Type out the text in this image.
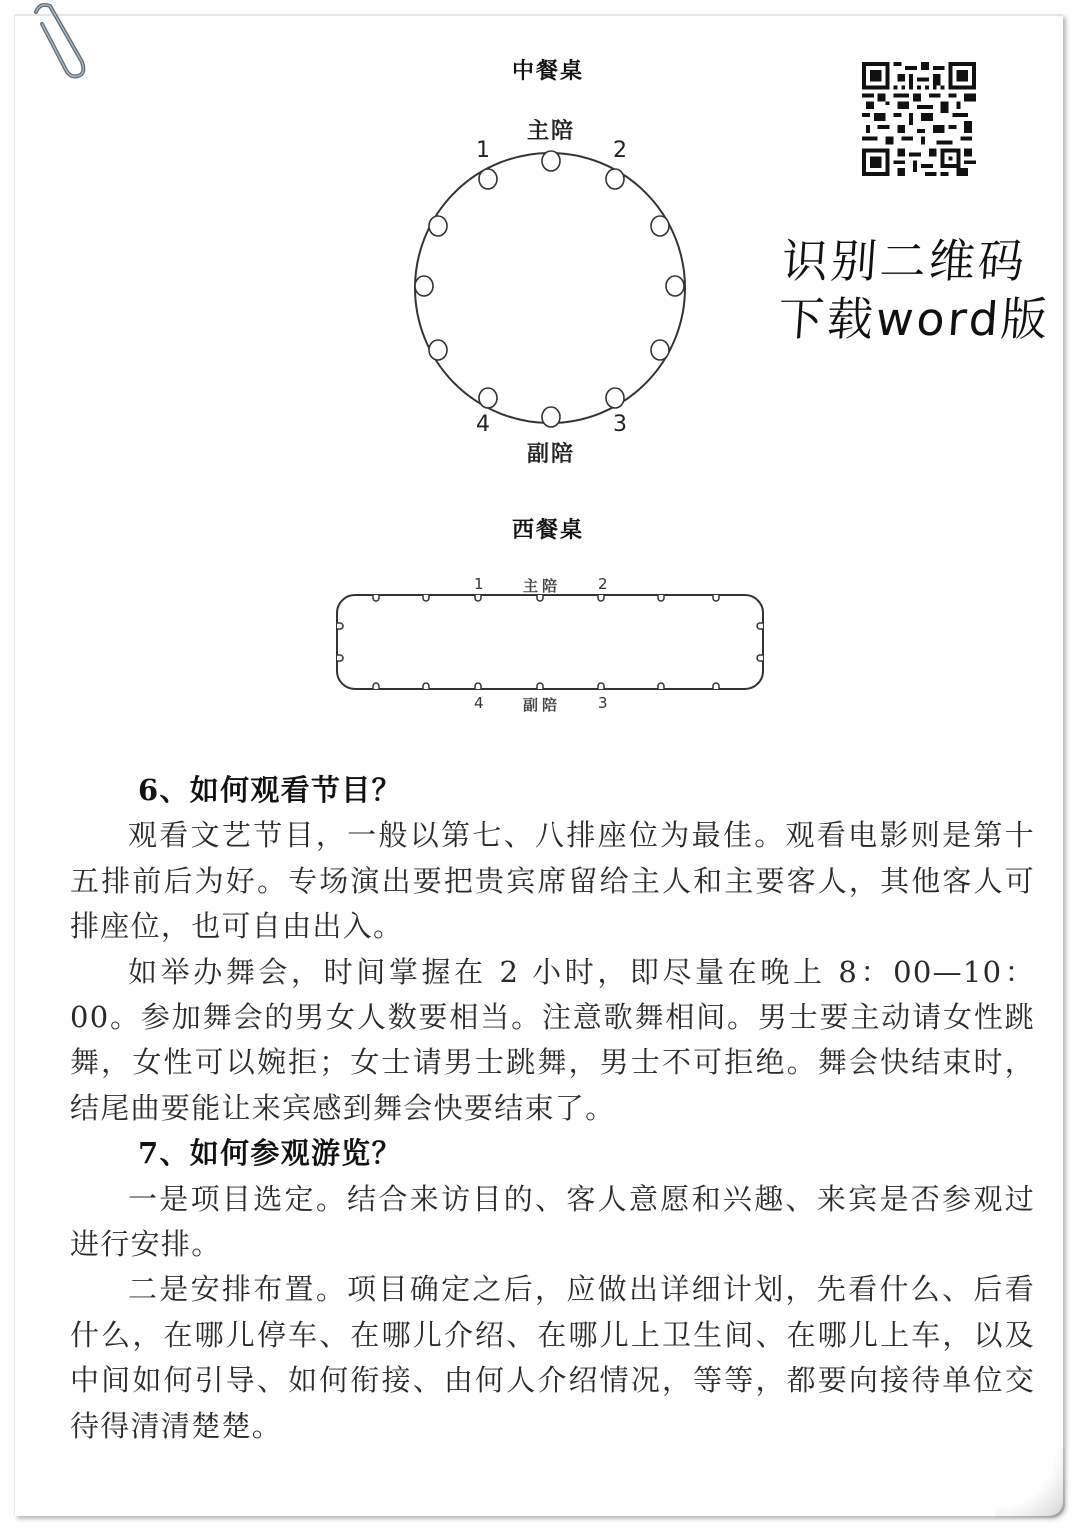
中餐桌
主陪
1	2
3
4
副陪
识别二维码
下载word版
西餐桌
1	主陪 2
4	副陪 3
6、如何观看节目？

观看文艺节目，一般以第七、八排座位为最佳。观看电影则是第十五排前后为好。专场演出要把贵宾席留给主人和主要客人，其他客人可排座位，也可自由出入。

如举办舞会，时间掌握在 2 小时，即尽量在晚上 8：00—10：00。参加舞会的男女人数要相当。注意歌舞相间。男士要主动请女性跳舞，女性可以婉拒；女士请男士跳舞，男士不可拒绝。舞会快结束时，结尾曲要能让来宾感到舞会快要结束了。

7、如何参观游览？

一是项目选定。结合来访目的、客人意愿和兴趣、来宾是否参观过进行安排。

二是安排布置。项目确定之后，应做出详细计划，先看什么、后看什么，在哪儿停车、在哪儿介绍、在哪儿上卫生间、在哪儿上车，以及中间如何引导、如何衔接、由何人介绍情况，等等，都要向接待单位交待得清清楚楚。
